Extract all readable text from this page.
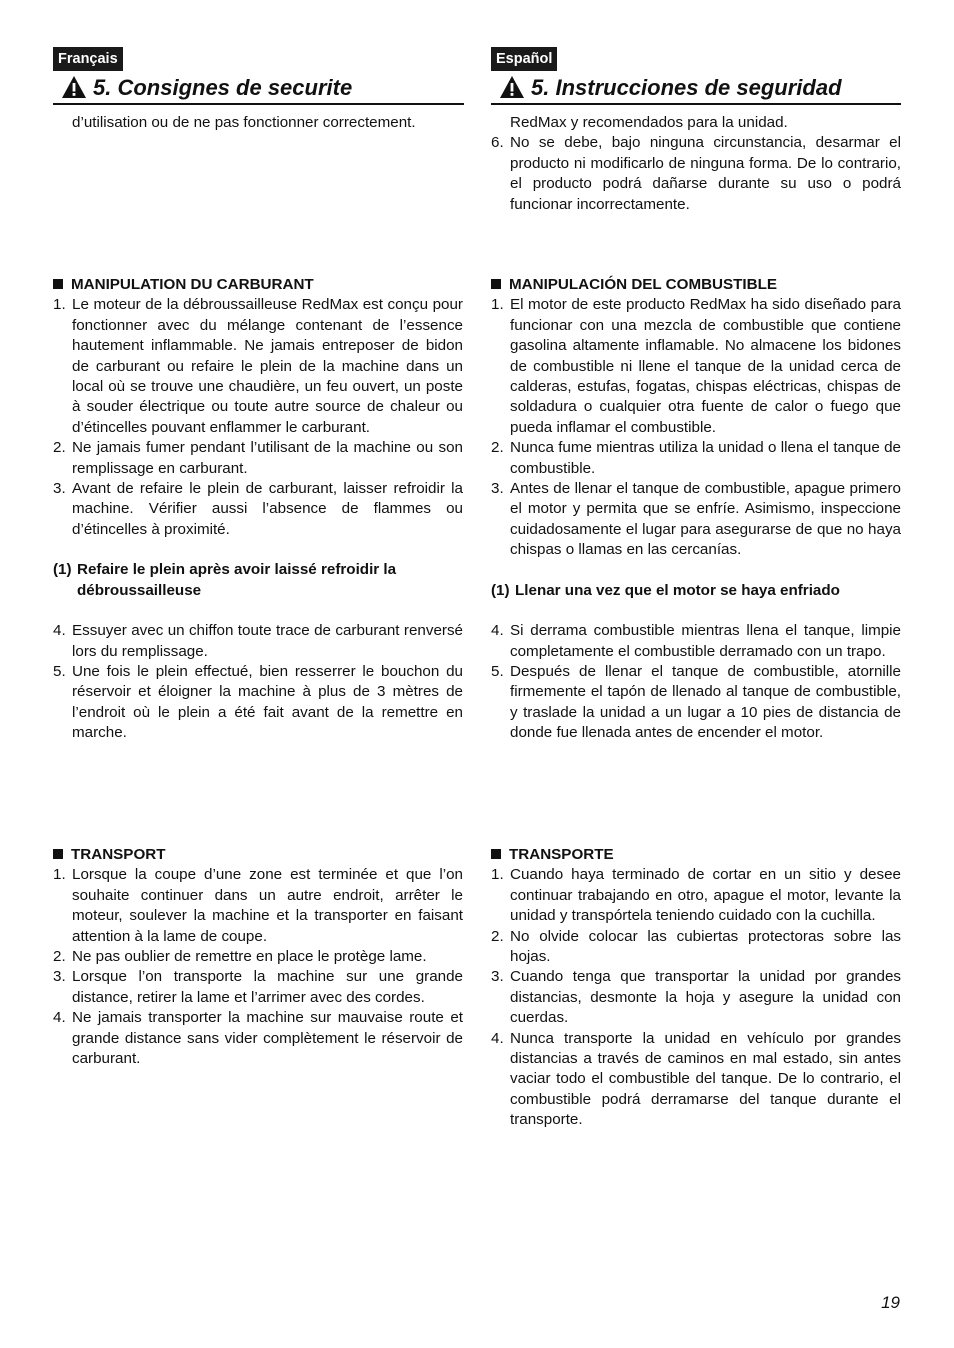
Français
5. Consignes de securite

d’utilisation ou de ne pas fonctionner correctement.

MANIPULATION DU CARBURANT

1. Le moteur de la débroussailleuse RedMax est conçu pour fonctionner avec du mélange contenant de l’essence hautement inflammable. Ne jamais entreposer de bidon de carburant ou refaire le plein de la machine dans un local où se trouve une chaudière, un feu ouvert, un poste à souder électrique ou toute autre source de chaleur ou d’étincelles pouvant enflammer le carburant.
2. Ne jamais fumer pendant l’utilisant de la machine ou son remplissage en carburant.
3. Avant de refaire le plein de carburant, laisser refroidir la machine. Vérifier aussi l’absence de flammes ou d’étincelles à proximité.
(1) Refaire le plein après avoir laissé refroidir la débroussailleuse
4. Essuyer avec un chiffon toute trace de carburant renversé lors du remplissage.
5. Une fois le plein effectué, bien resserrer le bouchon du réservoir et éloigner la machine à plus de 3 mètres de l’endroit où le plein a été fait avant de la remettre en marche.

TRANSPORT

1. Lorsque la coupe d’une zone est terminée et que l’on souhaite continuer dans un autre endroit, arrêter le moteur, soulever la machine et la transporter en faisant attention à la lame de coupe.
2. Ne pas oublier de remettre en place le protège lame.
3. Lorsque l’on transporte la machine sur une grande distance, retirer la lame et l’arrimer avec des cordes.
4. Ne jamais transporter la machine sur mauvaise route et grande distance sans vider complètement le réservoir de carburant.
Español
5. Instrucciones de seguridad

RedMax y recomendados para la unidad.

6. No se debe, bajo ninguna circunstancia, desarmar el producto ni modificarlo de ninguna forma. De lo contrario, el producto podrá dañarse durante su uso o podrá funcionar incorrectamente.

MANIPULACIÓN DEL COMBUSTIBLE

1. El motor de este producto RedMax ha sido diseñado para funcionar con una mezcla de combustible que contiene gasolina altamente inflamable. No almacene los bidones de combustible ni llene el tanque de la unidad cerca de calderas, estufas, fogatas, chispas eléctricas, chispas de soldadura o cualquier otra fuente de calor o fuego que pueda inflamar el combustible.
2. Nunca fume mientras utiliza la unidad o llena el tanque de combustible.
3. Antes de llenar el tanque de combustible, apague primero el motor y permita que se enfríe. Asimismo, inspeccione cuidadosamente el lugar para asegurarse de que no haya chispas o llamas en las cercanías.
(1) Llenar una vez que el motor se haya enfriado
4. Si derrama combustible mientras llena el tanque, limpie completamente el combustible derramado con un trapo.
5. Después de llenar el tanque de combustible, atornille firmemente el tapón de llenado al tanque de combustible, y traslade la unidad a un lugar a 10 pies de distancia de donde fue llenada antes de encender el motor.

TRANSPORTE

1. Cuando haya terminado de cortar en un sitio y desee continuar trabajando en otro, apague el motor, levante la unidad y transpórtela teniendo cuidado con la cuchilla.
2. No olvide colocar las cubiertas protectoras sobre las hojas.
3. Cuando tenga que transportar la unidad por grandes distancias, desmonte la hoja y asegure la unidad con cuerdas.
4. Nunca transporte la unidad en vehículo por grandes distancias a través de caminos en mal estado, sin antes vaciar todo el combustible del tanque. De lo contrario, el combustible podrá derramarse del tanque durante el transporte.
19
